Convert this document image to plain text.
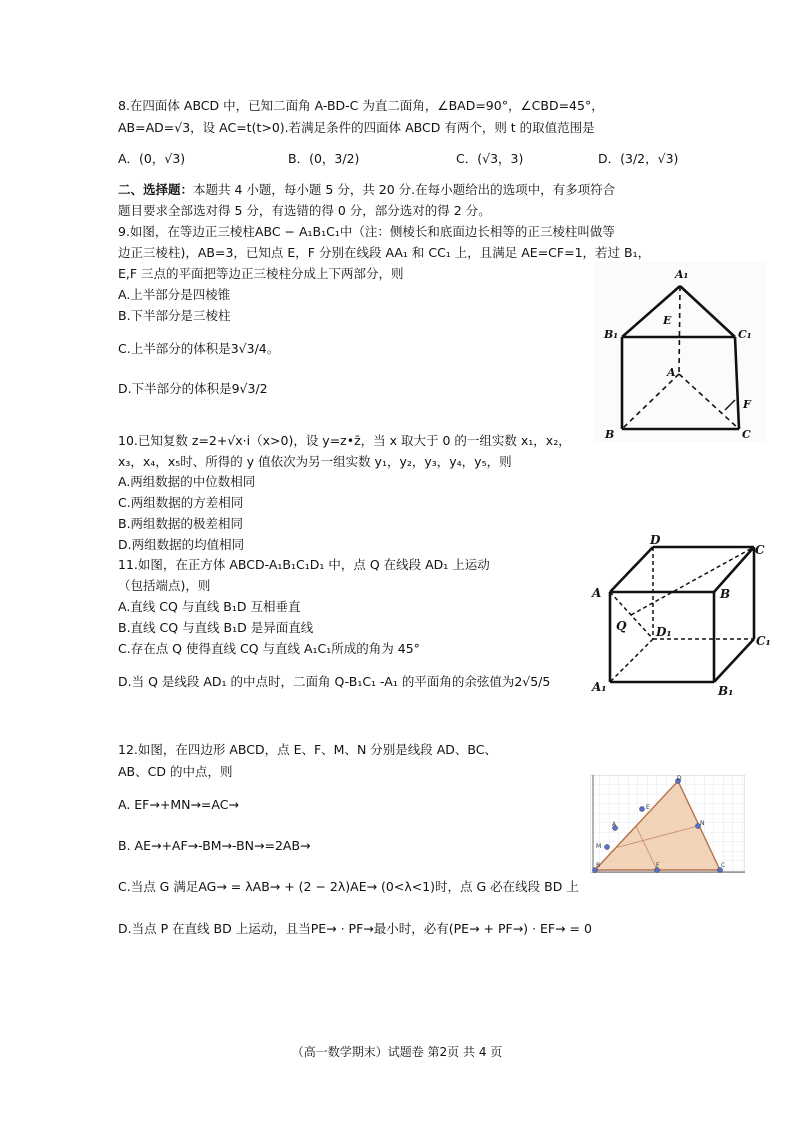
8.在四面体 ABCD 中，已知二面角 A-BD-C 为直二面角，∠BAD=90°，∠CBD=45°，
AB=AD=√3，设 AC=t(t>0).若满足条件的四面体 ABCD 有两个，则 t 的取值范围是
A．(0，√3)	B．(0，3/2)	C．(√3，3)	D．(3/2，√3)
二、选择题：本题共 4 小题，每小题 5 分，共 20 分.在每小题给出的选项中，有多项符合
题目要求全部选对得 5 分，有选错的得 0 分，部分选对的得 2 分。
9.如图，在等边正三棱柱ABC − A₁B₁C₁中（注：侧棱长和底面边长相等的正三棱柱叫做等
边正三棱柱)，AB=3，已知点 E，F 分别在线段 AA₁ 和 CC₁ 上，且满足 AE=CF=1，若过 B₁，
E,F 三点的平面把等边正三棱柱分成上下两部分，则
A.上半部分是四棱锥
B.下半部分是三棱柱
C.上半部分的体积是3√3/4。
D.下半部分的体积是9√3/2
A₁
E
B₁	C₁
A
B
F
C
10.已知复数 z=2+√x·i（x>0)，设 y=z•z̄，当 x 取大于 0 的一组实数 x₁，x₂，
x₃，x₄，x₅时、所得的 y 值依次为另一组实数 y₁，y₂，y₃，y₄，y₅，则
A.两组数据的中位数相同
C.两组数据的方差相同
B.两组数据的极差相同
D.两组数据的均值相同
11.如图，在正方体 ABCD-A₁B₁C₁D₁ 中，点 Q 在线段 AD₁ 上运动
（包括端点)，则
A.直线 CQ 与直线 B₁D 互相垂直
B.直线 CQ 与直线 B₁D 是异面直线
C.存在点 Q 使得直线 CQ 与直线 A₁C₁所成的角为 45°
D.当 Q 是线段 AD₁ 的中点时，二面角 Q-B₁C₁ -A₁ 的平面角的余弦值为2√5/5
D
C
A	B
Q D₁
C₁
A₁	B₁
12.如图，在四边形 ABCD，点 E、F、M、N 分别是线段 AD、BC、
AB、CD 的中点，则
A. EF→+MN→=AC→
B. AE→+AF→-BM→-BN→=2AB→
C.当点 G 满足AG→ = λAB→ + (2 − 2λ)AE→ (0<λ<1)时，点 G 必在线段 BD 上
D.当点 P 在直线 BD 上运动，且当PE→ · PF→最小时，必有(PE→ + PF→) · EF→ = 0
D
E
A	N
M
F	C
B
（高一数学期末）试题卷 第2页 共 4 页
